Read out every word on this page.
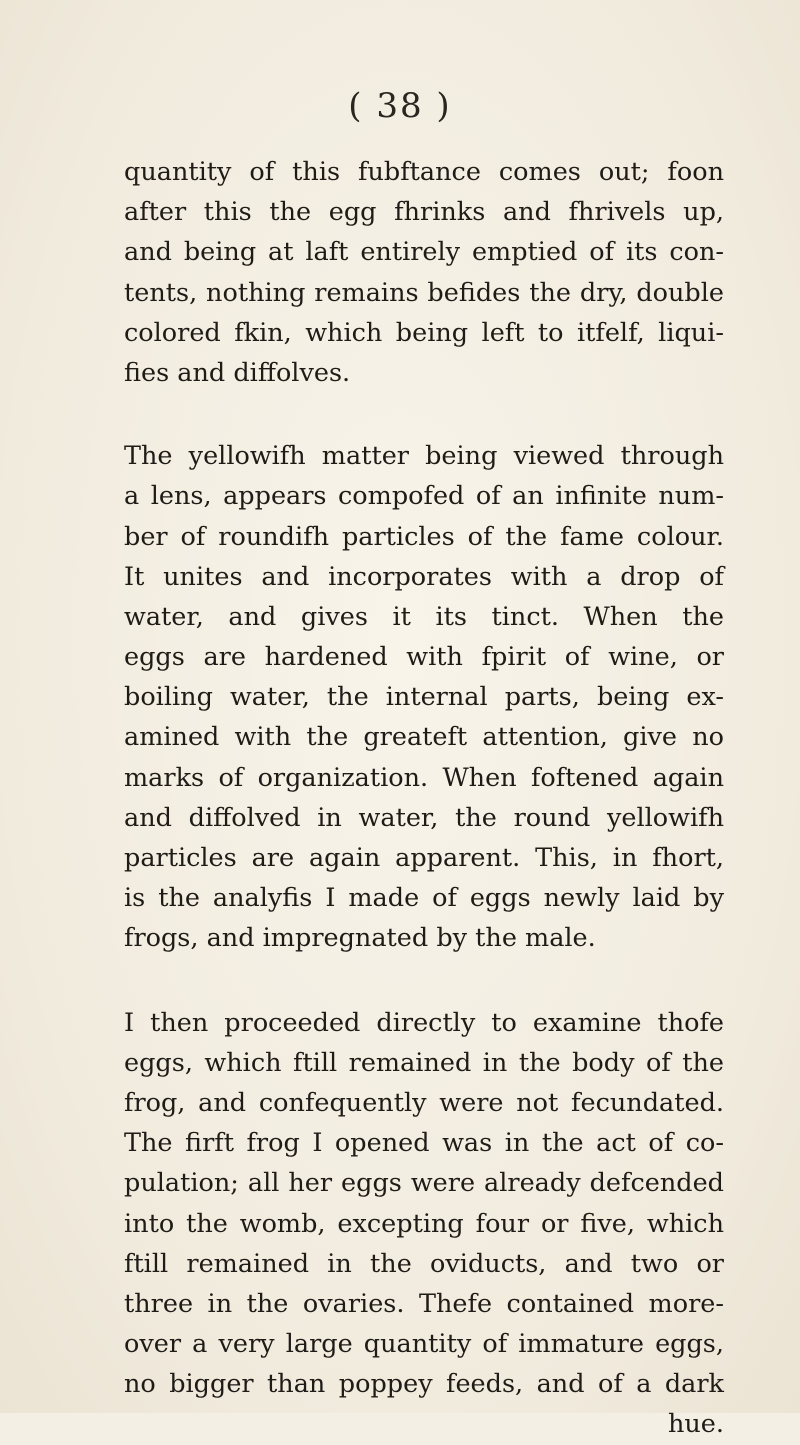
( 38 )
quantity of this fubftance comes out; foon
after this the egg fhrinks and fhrivels up,
and being at laft entirely emptied of its con-
tents, nothing remains befides the dry, double
colored fkin, which being left to itfelf, liqui-
fies and diffolves.
The yellowifh matter being viewed through
a lens, appears compofed of an infinite num-
ber of roundifh particles of the fame colour.
It unites and incorporates with a drop of
water, and gives it its tinct. When the
eggs are hardened with fpirit of wine, or
boiling water, the internal parts, being ex-
amined with the greateft attention, give no
marks of organization. When foftened again
and diffolved in water, the round yellowifh
particles are again apparent. This, in fhort,
is the analyfis I made of eggs newly laid by
frogs, and impregnated by the male.
I then proceeded directly to examine thofe
eggs, which ftill remained in the body of the
frog, and confequently were not fecundated.
The firft frog I opened was in the act of co-
pulation; all her eggs were already defcended
into the womb, excepting four or five, which
ftill remained in the oviducts, and two or
three in the ovaries. Thefe contained more-
over a very large quantity of immature eggs,
no bigger than poppey feeds, and of a dark
hue.
